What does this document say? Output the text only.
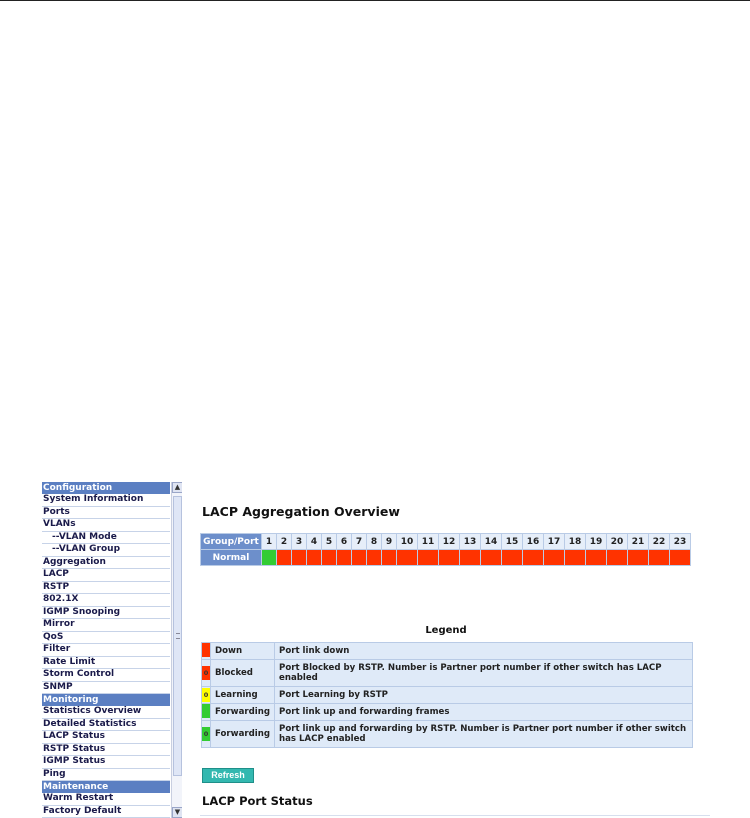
Configuration
System Information
Ports
VLANs
--VLAN Mode
--VLAN Group
Aggregation
LACP
RSTP
802.1X
IGMP Snooping
Mirror
QoS
Filter
Rate Limit
Storm Control
SNMP
Monitoring
Statistics Overview
Detailed Statistics
LACP Status
RSTP Status
IGMP Status
Ping
Maintenance
Warm Restart
Factory Default
▲
▼
LACP Aggregation Overview
Group/Port	1	2	3	4	5	6	7	8	9	10	11	12	13	14	15	16	17	18	19	20	21	22	23
Normal																							
Legend
	Down	Port link down
0	Blocked	Port Blocked by RSTP. Number is Partner port number if other switch has LACP enabled
0	Learning	Port Learning by RSTP
	Forwarding	Port link up and forwarding frames
0	Forwarding	Port link up and forwarding by RSTP. Number is Partner port number if other switch has LACP enabled
Refresh
LACP Port Status
